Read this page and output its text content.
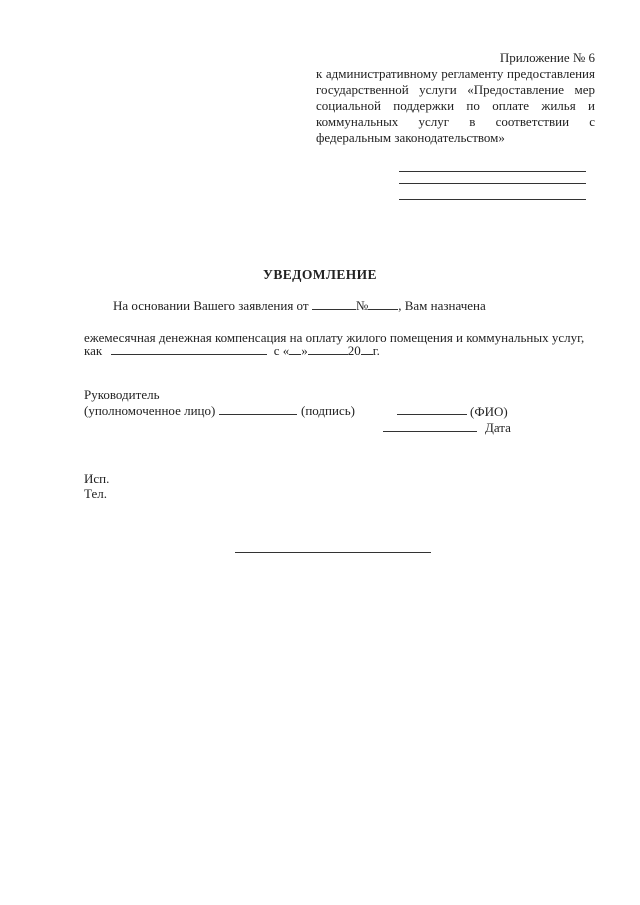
Приложение № 6
к административному регламенту предоставления государственной услуги «Предоставление мер социальной поддержки по оплате жилья и коммунальных услуг в соответствии с федеральным законодательством»
УВЕДОМЛЕНИЕ
На основании Вашего заявления от	№ , Вам назначена
ежемесячная денежная компенсация на оплату жилого помещения и коммунальных услуг,
как	с « »	20 г.
Руководитель
(уполномоченное лицо)	(подпись)	(ФИО)
Дата
Исп.
Тел.
